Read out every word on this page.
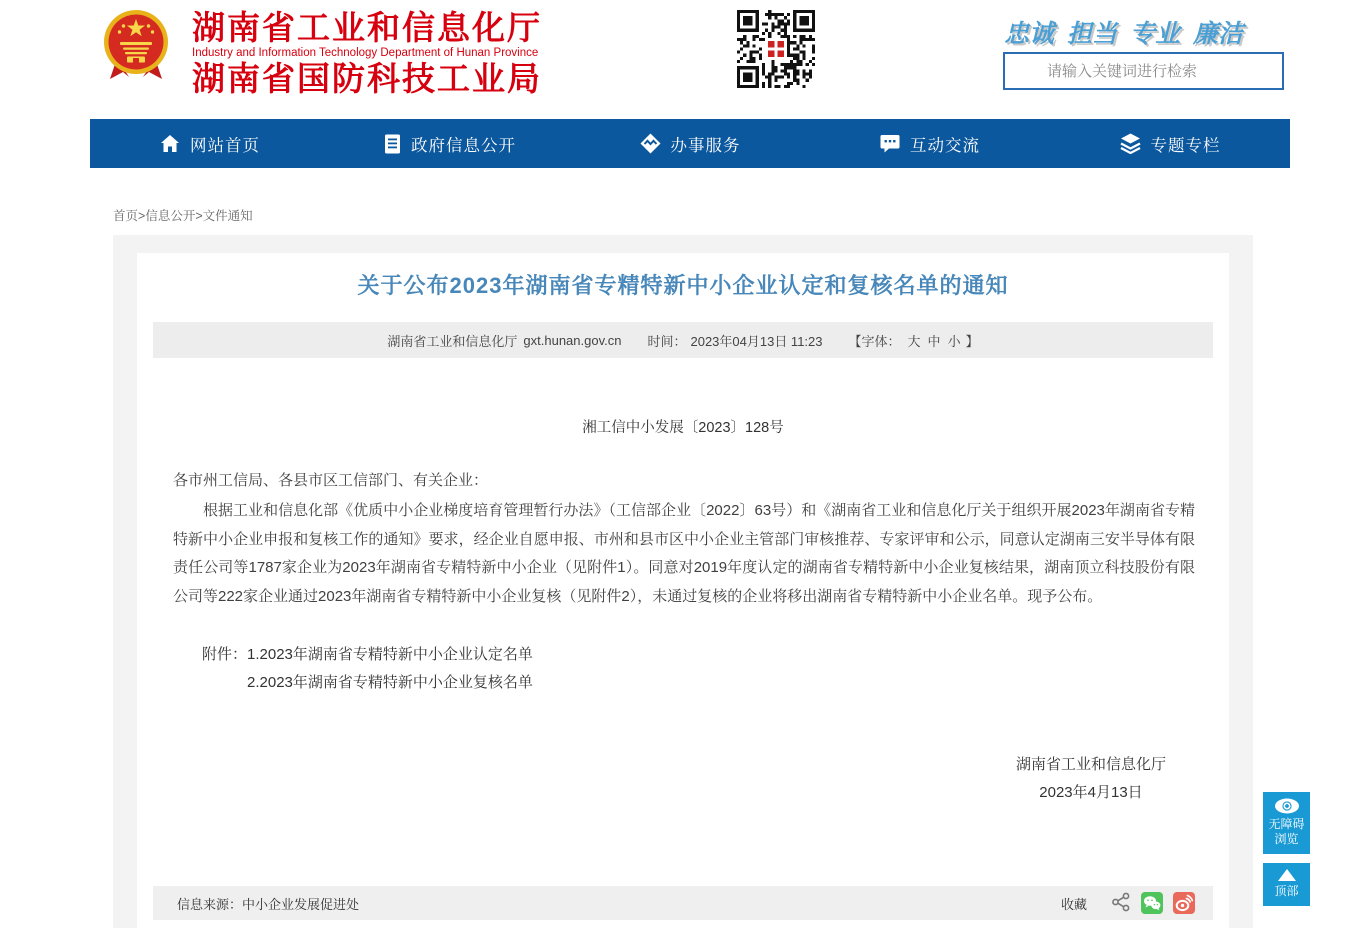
湖南省工业和信息化厅
Industry and Information Technology Department of Hunan Province
湖南省国防科技工业局
忠诚 担当 专业 廉洁
请输入关键词进行检索
网站首页	政府信息公开	办事服务	互动交流	专题专栏
首页>信息公开>文件通知
关于公布2023年湖南省专精特新中小企业认定和复核名单的通知
湖南省工业和信息化厅 gxt.hunan.gov.cn 时间： 2023年04月13日 11:23 【字体： 大 中 小 】
湘工信中小发展〔2023〕128号
各市州工信局、各县市区工信部门、有关企业：
根据工业和信息化部《优质中小企业梯度培育管理暂行办法》（工信部企业〔2022〕63号）和《湖南省工业和信息化厅关于组织开展2023年湖南省专精特新中小企业申报和复核工作的通知》要求，经企业自愿申报、市州和县市区中小企业主管部门审核推荐、专家评审和公示，同意认定湖南三安半导体有限责任公司等1787家企业为2023年湖南省专精特新中小企业（见附件1）。同意对2019年度认定的湖南省专精特新中小企业复核结果，湖南顶立科技股份有限公司等222家企业通过2023年湖南省专精特新中小企业复核（见附件2），未通过复核的企业将移出湖南省专精特新中小企业名单。现予公布。
附件： 1.2023年湖南省专精特新中小企业认定名单
2.2023年湖南省专精特新中小企业复核名单
湖南省工业和信息化厅
2023年4月13日
信息来源： 中小企业发展促进处	收藏
无障碍
浏览
顶部
